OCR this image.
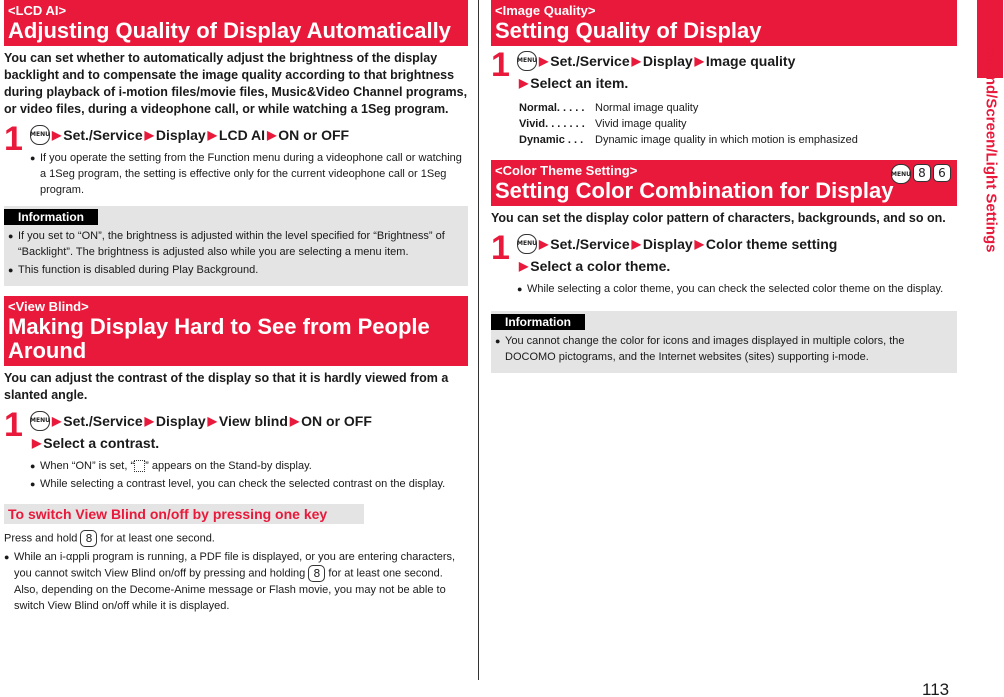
<LCD AI>
Adjusting Quality of Display Automatically

You can set whether to automatically adjust the brightness of the display backlight and to compensate the image quality according to that brightness during playback of i-motion files/movie files, Music&Video Channel programs, or video files, during a videophone call, or while watching a 1Seg program.

1 MENU ▶ Set./Service ▶ Display ▶ LCD AI ▶ ON or OFF

● If you operate the setting from the Function menu during a videophone call or watching a 1Seg program, the setting is effective only for the current videophone call or 1Seg program.

Information

● If you set to “ON”, the brightness is adjusted within the level specified for “Brightness” of “Backlight”. The brightness is adjusted also while you are selecting a menu item.

● This function is disabled during Play Background.

<View Blind>
Making Display Hard to See from People Around

You can adjust the contrast of the display so that it is hardly viewed from a slanted angle.

1 MENU ▶ Set./Service ▶ Display ▶ View blind ▶ ON or OFF
▶ Select a contrast.

● When “ON” is set, “ ” appears on the Stand-by display.

● While selecting a contrast level, you can check the selected contrast on the display.

To switch View Blind on/off by pressing one key

Press and hold 8 for at least one second.

● While an i-αppli program is running, a PDF file is displayed, or you are entering characters, you cannot switch View Blind on/off by pressing and holding 8 for at least one second. Also, depending on the Decome-Anime message or Flash movie, you may not be able to switch View Blind on/off while it is displayed.

<Image Quality>
Setting Quality of Display
1 MENU ▶ Set./Service ▶ Display ▶ Image quality
▶ Select an item.
Normal. . . . . Normal image quality
Vivid. . . . . . . Vivid image quality
Dynamic . . .	Dynamic image quality in which motion is emphasized
<Color Theme Setting>
Setting Color Combination for Display
MENU 8	6

You can set the display color pattern of characters, backgrounds, and so on.

1 MENU ▶ Set./Service ▶ Display ▶ Color theme setting
▶ Select a color theme.

● While selecting a color theme, you can check the selected color theme on the display.

Information

● You cannot change the color for icons and images displayed in multiple colors, the DOCOMO pictograms, and the Internet websites (sites) supporting i-mode.

Sound/Screen/Light Settings
113
